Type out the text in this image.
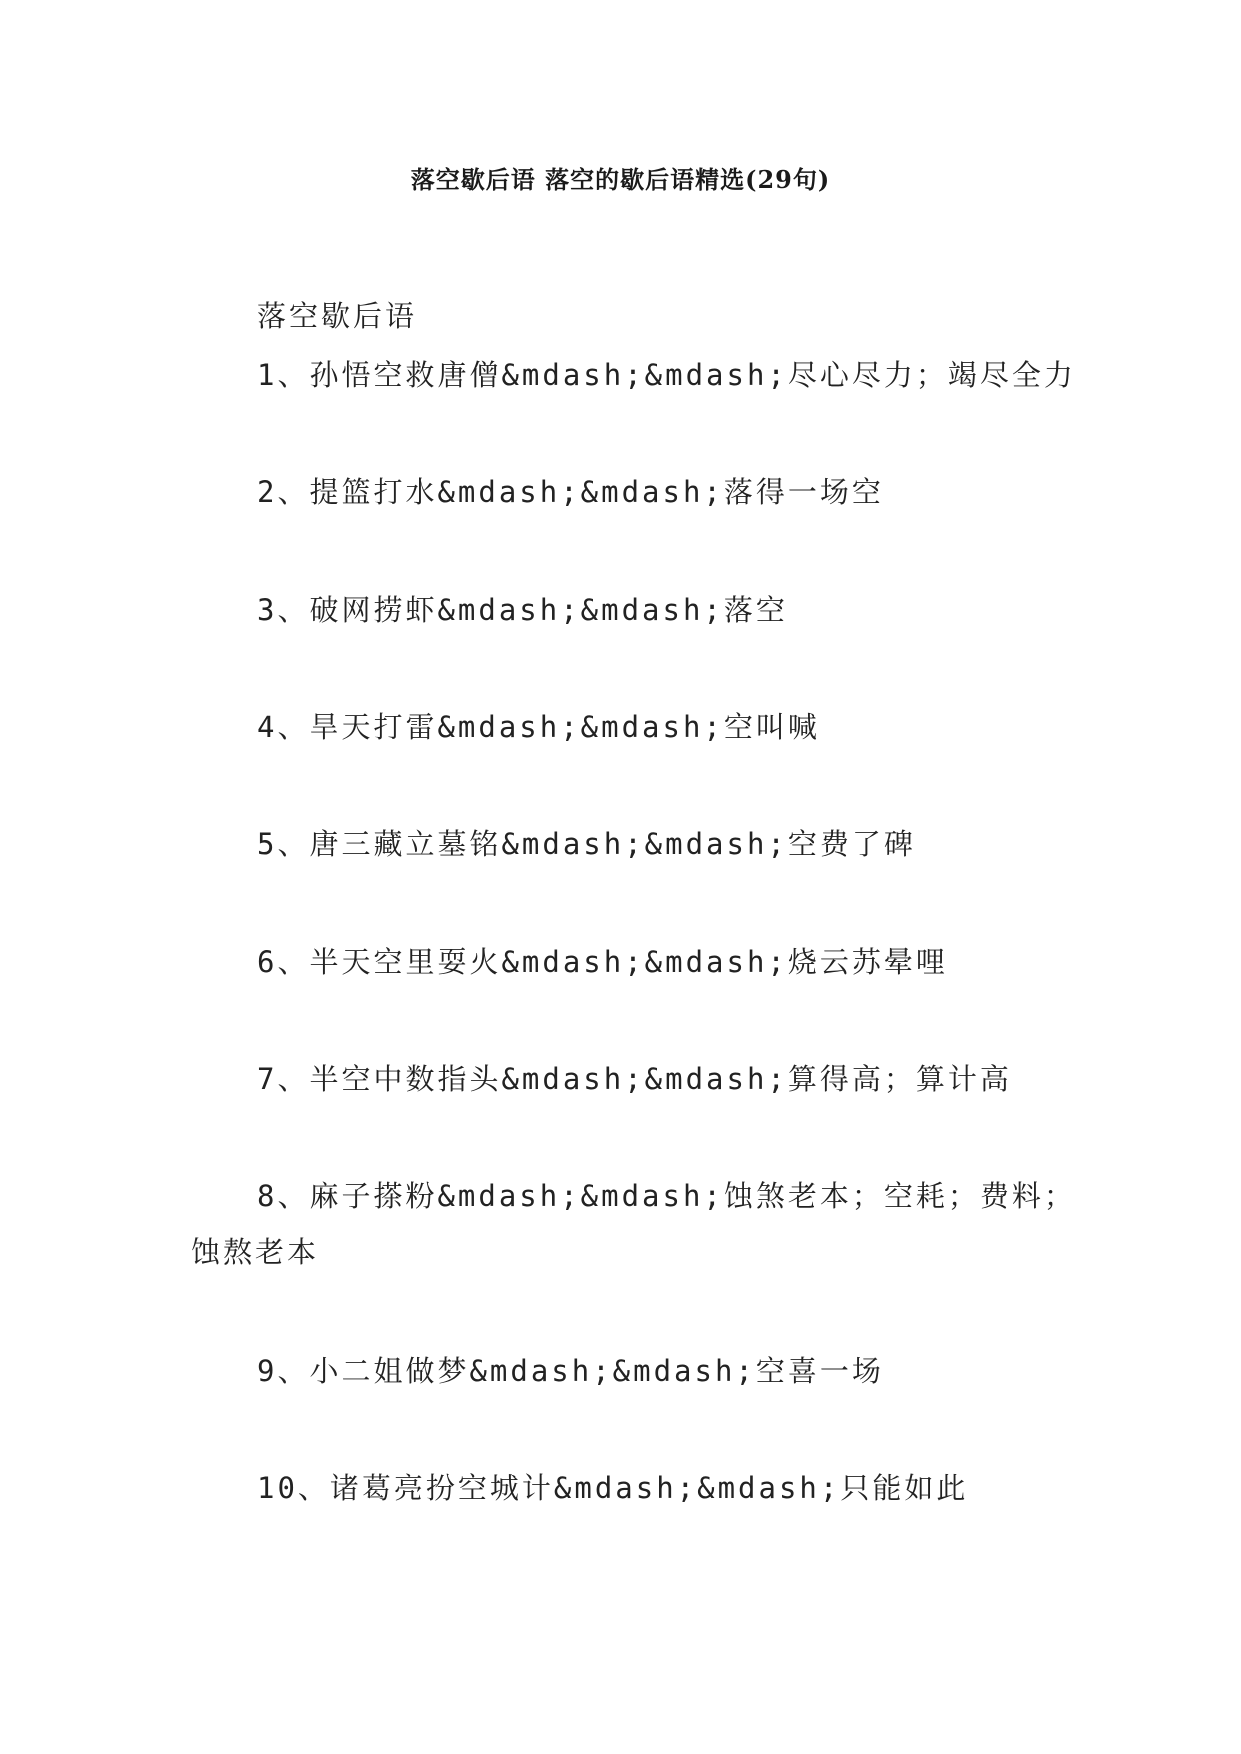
落空歇后语 落空的歇后语精选(29句)
落空歇后语
1、孙悟空救唐僧&mdash;&mdash;尽心尽力；竭尽全力
2、提篮打水&mdash;&mdash;落得一场空
3、破网捞虾&mdash;&mdash;落空
4、旱天打雷&mdash;&mdash;空叫喊
5、唐三藏立墓铭&mdash;&mdash;空费了碑
6、半天空里耍火&mdash;&mdash;烧云苏晕哩
7、半空中数指头&mdash;&mdash;算得高；算计高
8、麻子搽粉&mdash;&mdash;蚀煞老本；空耗；费料；
蚀熬老本
9、小二姐做梦&mdash;&mdash;空喜一场
10、诸葛亮扮空城计&mdash;&mdash;只能如此
